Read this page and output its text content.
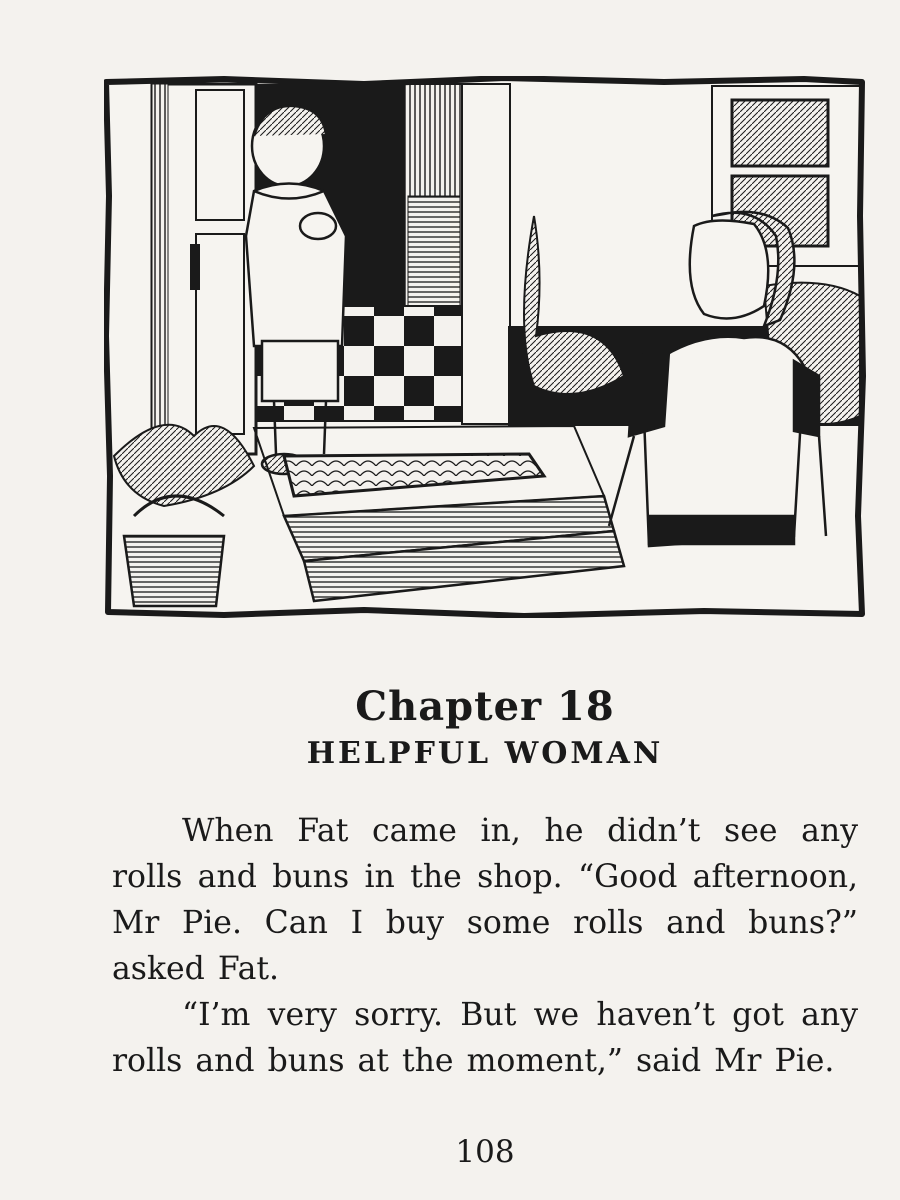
Chapter 18
HELPFUL WOMAN

When Fat came in, he didn’t see any rolls and buns in the shop. “Good afternoon, Mr Pie. Can I buy some rolls and buns?” asked Fat.

“I’m very sorry. But we haven’t got any rolls and buns at the moment,” said Mr Pie.

108
